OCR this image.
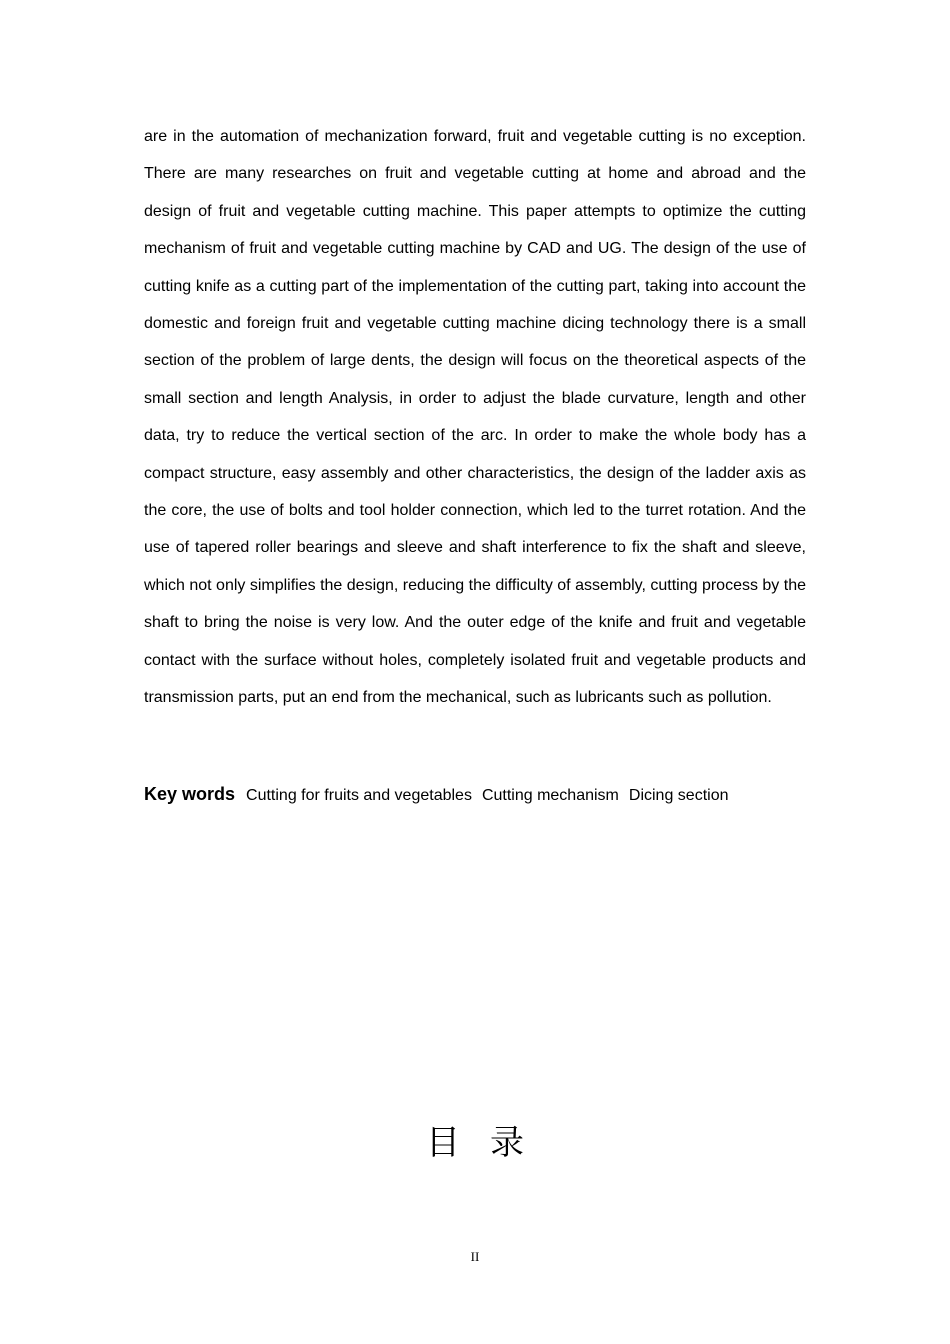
are in the automation of mechanization forward, fruit and vegetable cutting is no exception. There are many researches on fruit and vegetable cutting at home and abroad and the design of fruit and vegetable cutting machine. This paper attempts to optimize the cutting mechanism of fruit and vegetable cutting machine by CAD and UG. The design of the use of cutting knife as a cutting part of the implementation of the cutting part, taking into account the domestic and foreign fruit and vegetable cutting machine dicing technology there is a small section of the problem of large dents, the design will focus on the theoretical aspects of the small section and length Analysis, in order to adjust the blade curvature, length and other data, try to reduce the vertical section of the arc. In order to make the whole body has a compact structure, easy assembly and other characteristics, the design of the ladder axis as the core, the use of bolts and tool holder connection, which led to the turret rotation. And the use of tapered roller bearings and sleeve and shaft interference to fix the shaft and sleeve, which not only simplifies the design, reducing the difficulty of assembly, cutting process by the shaft to bring the noise is very low. And the outer edge of the knife and fruit and vegetable contact with the surface without holes, completely isolated fruit and vegetable products and transmission parts, put an end from the mechanical, such as lubricants such as pollution.

Key words Cutting for fruits and vegetables Cutting mechanism Dicing section
目录
II
